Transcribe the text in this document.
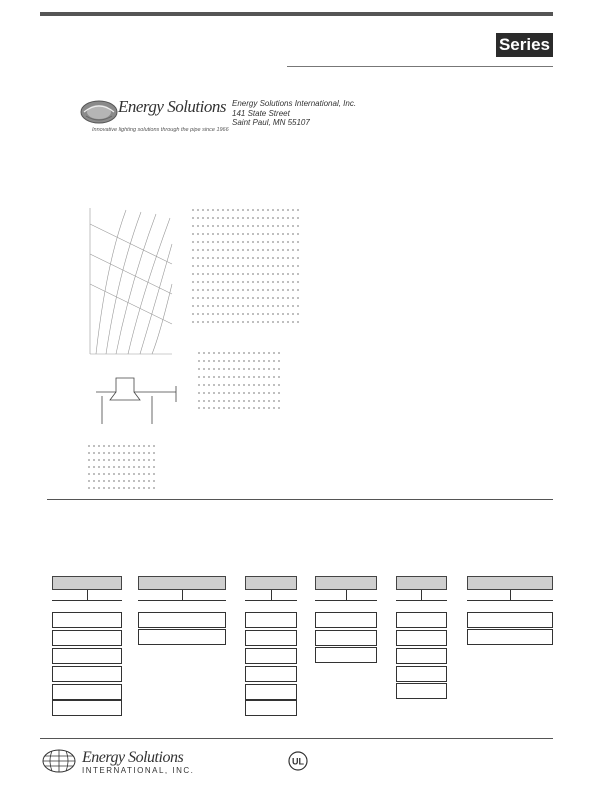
Series
Energy Solutions
Innovative lighting solutions through the pipe since 1966
Energy Solutions International, Inc.
141 State Street
Saint Paul, MN 55107
Energy Solutions
INTERNATIONAL, INC.
UL
